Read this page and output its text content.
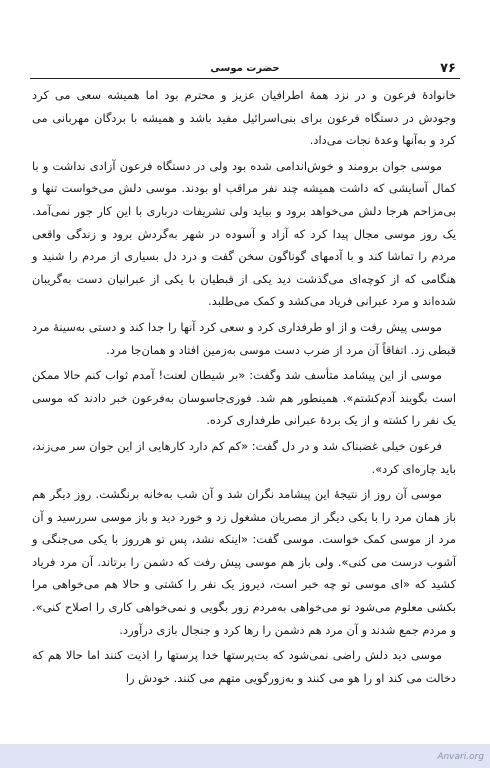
۷۶
حضرت موسی

خانوادهٔ فرعون و در نزد همهٔ اطرافیان عزیز و محترم بود اما همیشه سعی می کرد وجودش در دستگاه فرعون برای بنی‌اسرائیل مفید باشد و همیشه با بردگان مهربانی می کرد و به‌آنها وعدهٔ نجات می‌داد.

موسی جوان برومند و خوش‌اندامی شده بود ولی در دستگاه فرعون آزادی نداشت و با کمال آسایشی که داشت همیشه چند نفر مراقب او بودند. موسی دلش می‌خواست تنها و بی‌مزاحم هرجا دلش می‌خواهد برود و بیاید ولی تشریفات درباری با این کار جور نمی‌آمد. یک روز موسی مجال پیدا کرد که آزاد و آسوده در شهر به‌گردش برود و زندگی واقعی مردم را تماشا کند و با آدمهای گوناگون سخن گفت و درد دل بسیاری از مردم را شنید و هنگامی که از کوچه‌ای می‌گذشت دید یکی از قبطیان با یکی از عبرانیان دست به‌گریبان شده‌اند و مرد عبرانی فریاد می‌کشد و کمک می‌طلبد.

موسی پیش رفت و از او طرفداری کرد و سعی کرد آنها را جدا کند و دستی به‌سینهٔ مرد قبطی زد. اتفاقاً آن مرد از ضرب دست موسی به‌زمین افتاد و همان‌جا مرد.

موسی از این پیشامد متأسف شد وگفت: «بر شیطان لعنت! آمدم ثواب کنم حالا ممکن است بگویند آدم‌کشتم». همینطور هم شد. فوری‌جاسوسان به‌فرعون خبر دادند که موسی یک نفر را کشته و از یک بردهٔ عبرانی طرفداری کرده.

فرعون خیلی غضبناک شد و در دل گفت: «کم کم دارد کارهایی از این جوان سر می‌زند، باید چاره‌ای کرد».

موسی آن روز از نتیجهٔ این پیشامد نگران شد و آن شب به‌خانه برنگشت. روز دیگر هم باز همان مرد را با یکی دیگر از مصریان مشغول زد و خورد دید و باز موسی سررسید و آن مرد از موسی کمک خواست. موسی گفت: «اینکه نشد، پس تو هرروز با یکی می‌جنگی و آشوب درست می کنی». ولی باز هم موسی پیش رفت که دشمن را برتاند. آن مرد فریاد کشید که «ای موسی تو چه خبر است، دیروز یک نفر را کشتی و حالا هم می‌خواهی مرا بکشی معلوم می‌شود تو می‌خواهی به‌مردم زور بگویی و نمی‌خواهی کاری را اصلاح کنی». و مردم جمع شدند و آن مرد هم دشمن را رها کرد و جنجال بازی درآورد.

موسی دید دلش راضی نمی‌شود که بت‌پرستها خدا پرستها را اذیت کنند اما حالا هم که دخالت می کند او را هو می کنند و به‌زورگویی متهم می کنند. خودش را

Anvari.org
